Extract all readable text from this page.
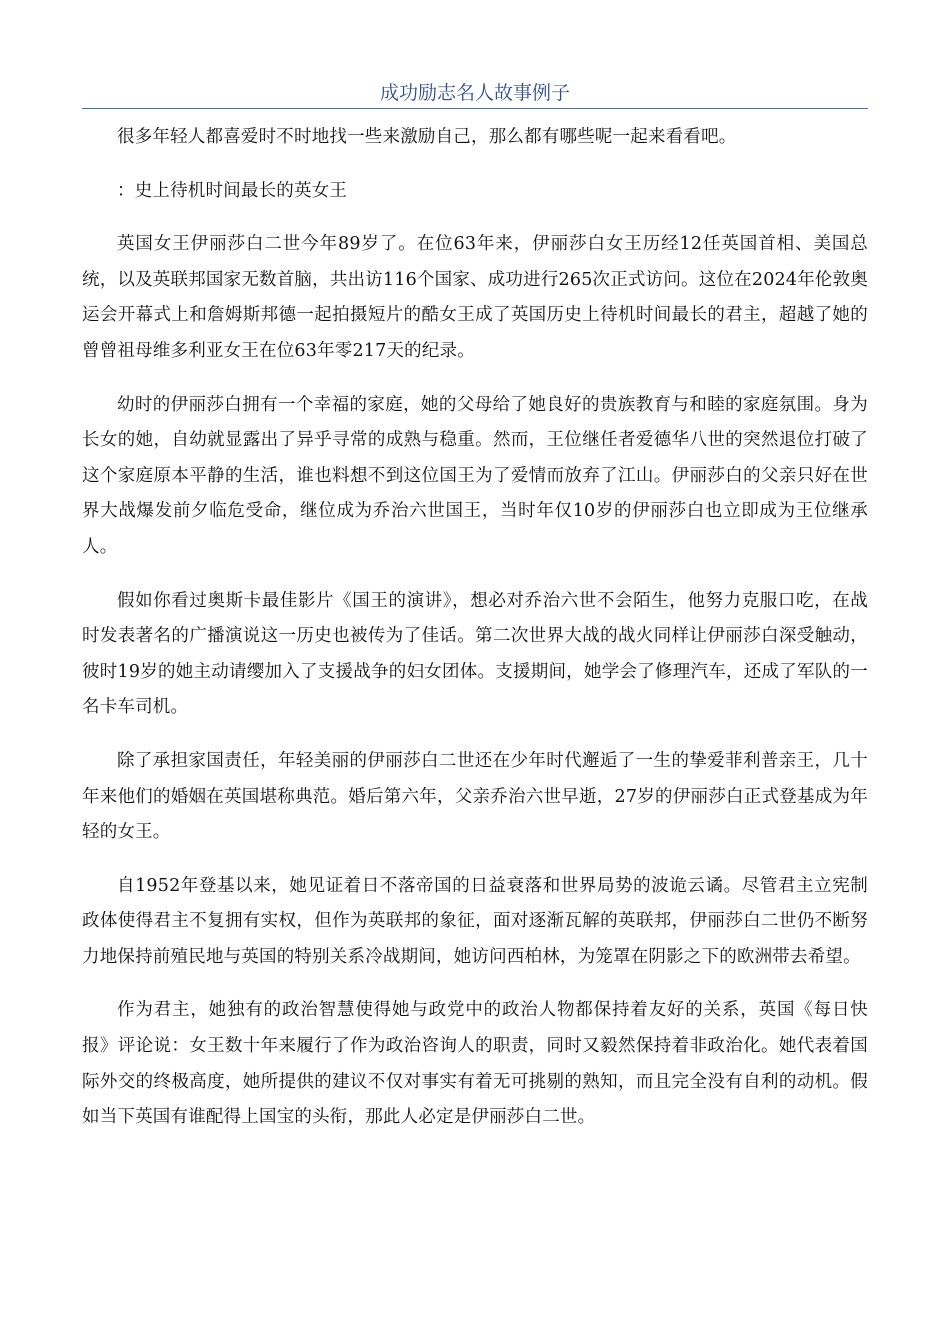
成功励志名人故事例子

很多年轻人都喜爱时不时地找一些来激励自己，那么都有哪些呢一起来看看吧。

：史上待机时间最长的英女王

英国女王伊丽莎白二世今年89岁了。在位63年来，伊丽莎白女王历经12任英国首相、美国总统，以及英联邦国家无数首脑，共出访116个国家、成功进行265次正式访问。这位在2024年伦敦奥运会开幕式上和詹姆斯邦德一起拍摄短片的酷女王成了英国历史上待机时间最长的君主，超越了她的曾曾祖母维多利亚女王在位63年零217天的纪录。

幼时的伊丽莎白拥有一个幸福的家庭，她的父母给了她良好的贵族教育与和睦的家庭氛围。身为长女的她，自幼就显露出了异乎寻常的成熟与稳重。然而，王位继任者爱德华八世的突然退位打破了这个家庭原本平静的生活，谁也料想不到这位国王为了爱情而放弃了江山。伊丽莎白的父亲只好在世界大战爆发前夕临危受命，继位成为乔治六世国王，当时年仅10岁的伊丽莎白也立即成为王位继承人。

假如你看过奥斯卡最佳影片《国王的演讲》，想必对乔治六世不会陌生，他努力克服口吃，在战时发表著名的广播演说这一历史也被传为了佳话。第二次世界大战的战火同样让伊丽莎白深受触动，彼时19岁的她主动请缨加入了支援战争的妇女团体。支援期间，她学会了修理汽车，还成了军队的一名卡车司机。

除了承担家国责任，年轻美丽的伊丽莎白二世还在少年时代邂逅了一生的挚爱菲利普亲王，几十年来他们的婚姻在英国堪称典范。婚后第六年，父亲乔治六世早逝，27岁的伊丽莎白正式登基成为年轻的女王。

自1952年登基以来，她见证着日不落帝国的日益衰落和世界局势的波诡云谲。尽管君主立宪制政体使得君主不复拥有实权，但作为英联邦的象征，面对逐渐瓦解的英联邦，伊丽莎白二世仍不断努力地保持前殖民地与英国的特别关系冷战期间，她访问西柏林，为笼罩在阴影之下的欧洲带去希望。

作为君主，她独有的政治智慧使得她与政党中的政治人物都保持着友好的关系，英国《每日快报》评论说：女王数十年来履行了作为政治咨询人的职责，同时又毅然保持着非政治化。她代表着国际外交的终极高度，她所提供的建议不仅对事实有着无可挑剔的熟知，而且完全没有自利的动机。假如当下英国有谁配得上国宝的头衔，那此人必定是伊丽莎白二世。
